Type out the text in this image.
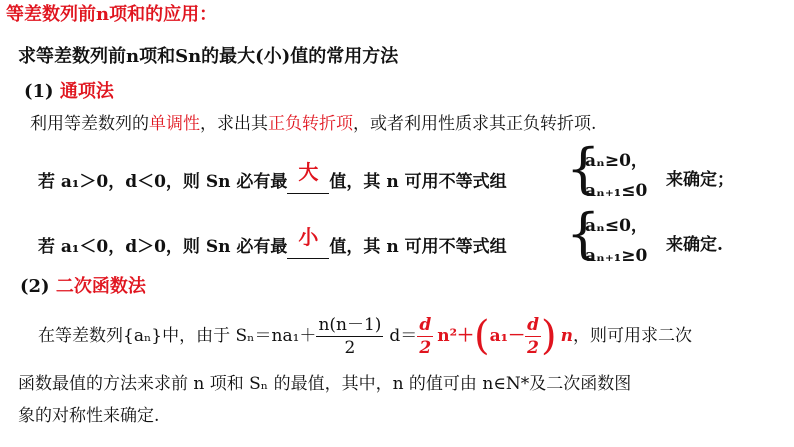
等差数列前n项和的应用：
求等差数列前n项和Sn的最大(小)值的常用方法
(1) 通项法
利用等差数列的单调性，求出其正负转折项，或者利用性质求其正负转折项.
若 a₁＞0，d＜0，则 Sn 必有最 大 值，其 n 可用不等式组 {
aₙ≥0，
aₙ₊₁≤0
来确定；
若 a₁＜0，d＞0，则 Sn 必有最 小 值，其 n 可用不等式组 {
aₙ≤0，
aₙ₊₁≥0
来确定.
(2) 二次函数法
在等差数列{aₙ}中，由于 $S_n=na_1+ \frac{n(n-1)}{2} d= \frac{d}{2} n^2+$ ( $a_1- \frac{d}{2}$ ) n ，则可用求二次
函数最值的方法来求前 n 项和 Sₙ 的最值，其中，n 的值可由 n∈N*及二次函数图
象的对称性来确定.
